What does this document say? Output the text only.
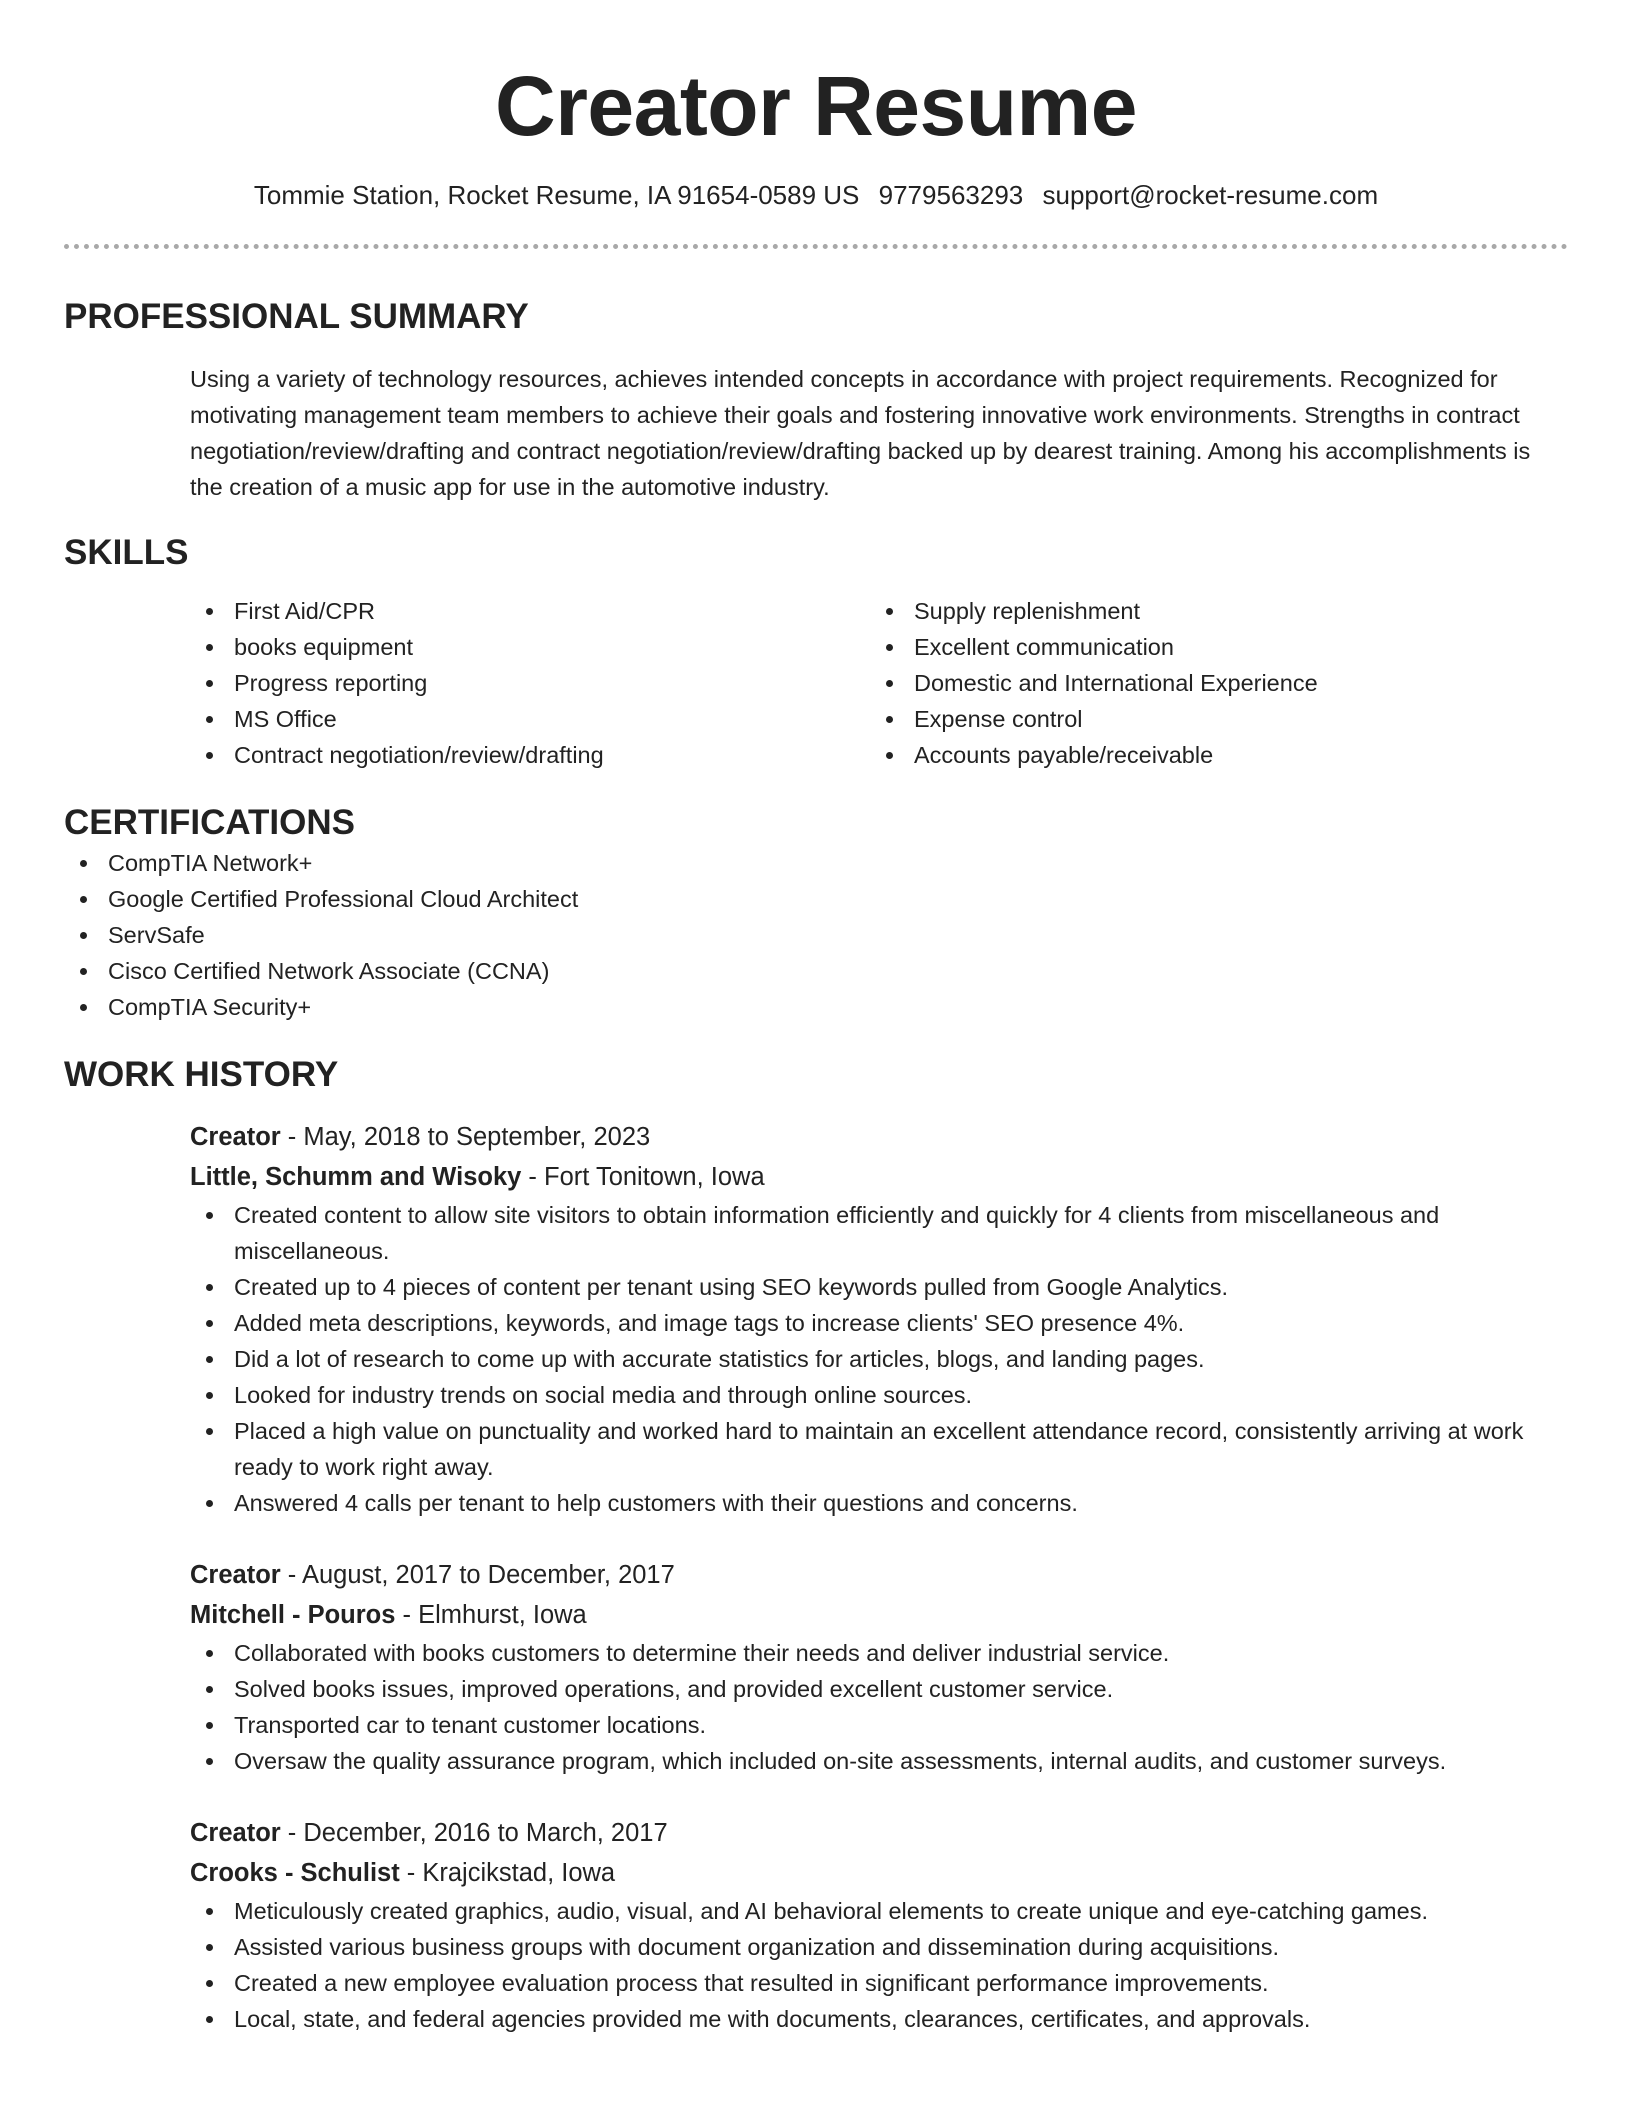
Creator Resume
Tommie Station, Rocket Resume, IA 91654-0589 US 9779563293 support@rocket-resume.com
PROFESSIONAL SUMMARY

Using a variety of technology resources, achieves intended concepts in accordance with project requirements. Recognized for motivating management team members to achieve their goals and fostering innovative work environments. Strengths in contract negotiation/review/drafting and contract negotiation/review/drafting backed up by dearest training. Among his accomplishments is the creation of a music app for use in the automotive industry.

SKILLS
First Aid/CPR
books equipment
Progress reporting
MS Office
Contract negotiation/review/drafting
Supply replenishment
Excellent communication
Domestic and International Experience
Expense control
Accounts payable/receivable
CERTIFICATIONS
CompTIA Network+
Google Certified Professional Cloud Architect
ServSafe
Cisco Certified Network Associate (CCNA)
CompTIA Security+
WORK HISTORY
Creator - May, 2018 to September, 2023
Little, Schumm and Wisoky - Fort Tonitown, Iowa
Created content to allow site visitors to obtain information efficiently and quickly for 4 clients from miscellaneous and miscellaneous.
Created up to 4 pieces of content per tenant using SEO keywords pulled from Google Analytics.
Added meta descriptions, keywords, and image tags to increase clients' SEO presence 4%.
Did a lot of research to come up with accurate statistics for articles, blogs, and landing pages.
Looked for industry trends on social media and through online sources.
Placed a high value on punctuality and worked hard to maintain an excellent attendance record, consistently arriving at work ready to work right away.
Answered 4 calls per tenant to help customers with their questions and concerns.
Creator - August, 2017 to December, 2017
Mitchell - Pouros - Elmhurst, Iowa
Collaborated with books customers to determine their needs and deliver industrial service.
Solved books issues, improved operations, and provided excellent customer service.
Transported car to tenant customer locations.
Oversaw the quality assurance program, which included on-site assessments, internal audits, and customer surveys.
Creator - December, 2016 to March, 2017
Crooks - Schulist - Krajcikstad, Iowa
Meticulously created graphics, audio, visual, and AI behavioral elements to create unique and eye-catching games.
Assisted various business groups with document organization and dissemination during acquisitions.
Created a new employee evaluation process that resulted in significant performance improvements.
Local, state, and federal agencies provided me with documents, clearances, certificates, and approvals.
